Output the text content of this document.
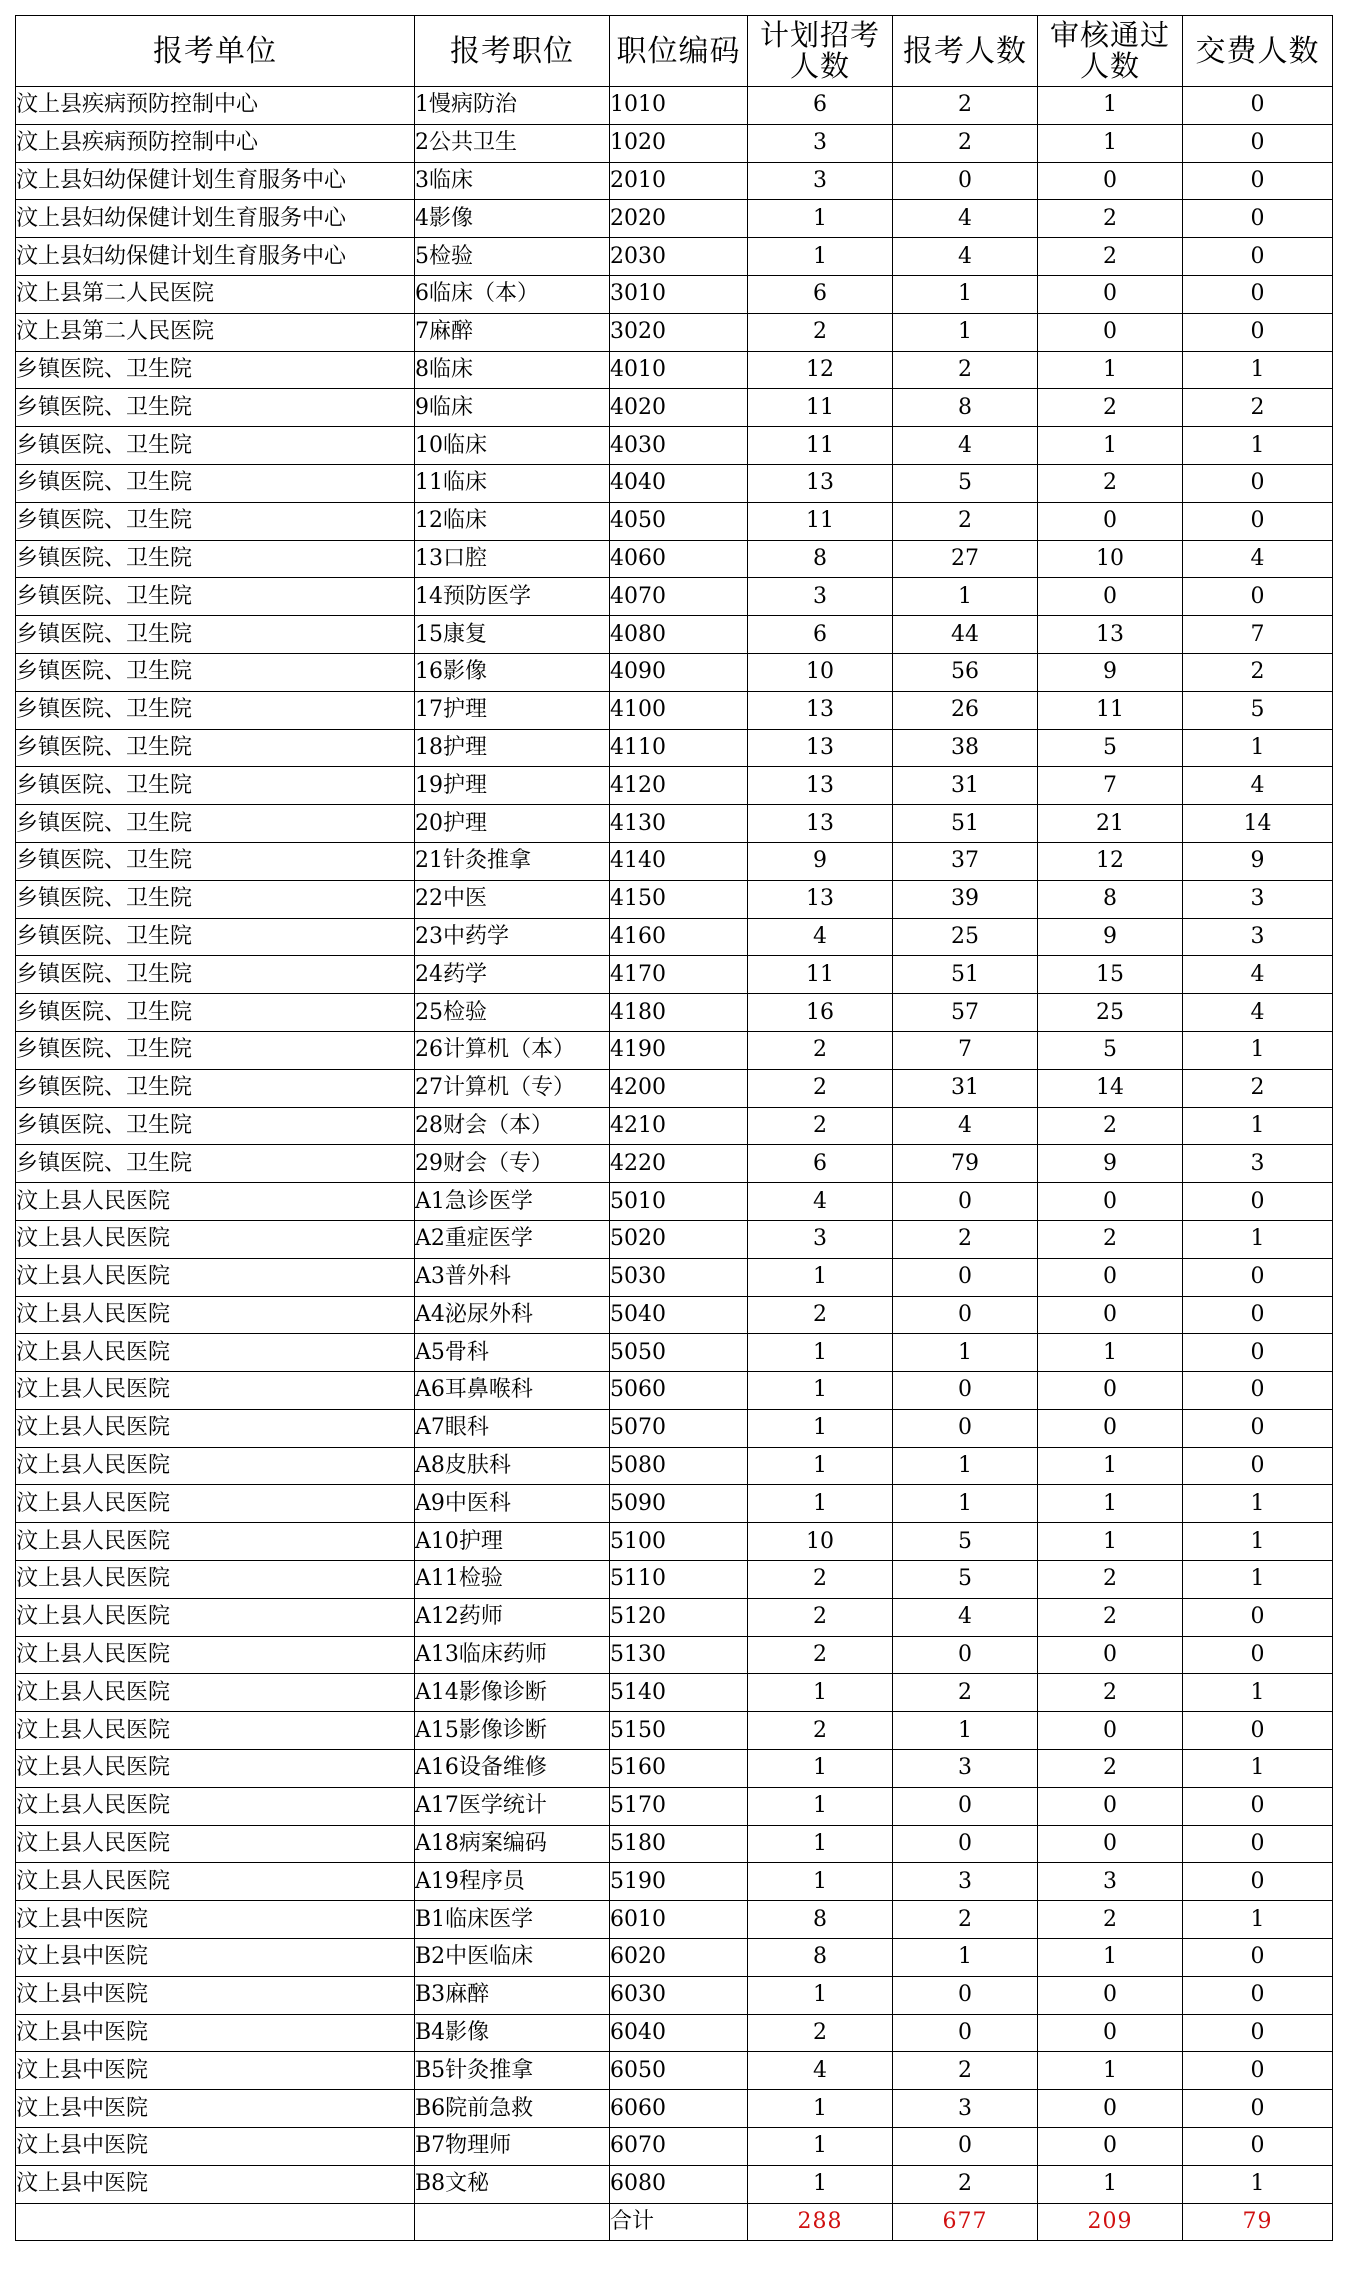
报考单位	报考职位	职位编码	计划招考人数	报考人数	审核通过人数	交费人数
汶上县疾病预防控制中心	1慢病防治	1010	6	2	1	0
汶上县疾病预防控制中心	2公共卫生	1020	3	2	1	0
汶上县妇幼保健计划生育服务中心	3临床	2010	3	0	0	0
汶上县妇幼保健计划生育服务中心	4影像	2020	1	4	2	0
汶上县妇幼保健计划生育服务中心	5检验	2030	1	4	2	0
汶上县第二人民医院	6临床（本）	3010	6	1	0	0
汶上县第二人民医院	7麻醉	3020	2	1	0	0
乡镇医院、卫生院	8临床	4010	12	2	1	1
乡镇医院、卫生院	9临床	4020	11	8	2	2
乡镇医院、卫生院	10临床	4030	11	4	1	1
乡镇医院、卫生院	11临床	4040	13	5	2	0
乡镇医院、卫生院	12临床	4050	11	2	0	0
乡镇医院、卫生院	13口腔	4060	8	27	10	4
乡镇医院、卫生院	14预防医学	4070	3	1	0	0
乡镇医院、卫生院	15康复	4080	6	44	13	7
乡镇医院、卫生院	16影像	4090	10	56	9	2
乡镇医院、卫生院	17护理	4100	13	26	11	5
乡镇医院、卫生院	18护理	4110	13	38	5	1
乡镇医院、卫生院	19护理	4120	13	31	7	4
乡镇医院、卫生院	20护理	4130	13	51	21	14
乡镇医院、卫生院	21针灸推拿	4140	9	37	12	9
乡镇医院、卫生院	22中医	4150	13	39	8	3
乡镇医院、卫生院	23中药学	4160	4	25	9	3
乡镇医院、卫生院	24药学	4170	11	51	15	4
乡镇医院、卫生院	25检验	4180	16	57	25	4
乡镇医院、卫生院	26计算机（本）	4190	2	7	5	1
乡镇医院、卫生院	27计算机（专）	4200	2	31	14	2
乡镇医院、卫生院	28财会（本）	4210	2	4	2	1
乡镇医院、卫生院	29财会（专）	4220	6	79	9	3
汶上县人民医院	A1急诊医学	5010	4	0	0	0
汶上县人民医院	A2重症医学	5020	3	2	2	1
汶上县人民医院	A3普外科	5030	1	0	0	0
汶上县人民医院	A4泌尿外科	5040	2	0	0	0
汶上县人民医院	A5骨科	5050	1	1	1	0
汶上县人民医院	A6耳鼻喉科	5060	1	0	0	0
汶上县人民医院	A7眼科	5070	1	0	0	0
汶上县人民医院	A8皮肤科	5080	1	1	1	0
汶上县人民医院	A9中医科	5090	1	1	1	1
汶上县人民医院	A10护理	5100	10	5	1	1
汶上县人民医院	A11检验	5110	2	5	2	1
汶上县人民医院	A12药师	5120	2	4	2	0
汶上县人民医院	A13临床药师	5130	2	0	0	0
汶上县人民医院	A14影像诊断	5140	1	2	2	1
汶上县人民医院	A15影像诊断	5150	2	1	0	0
汶上县人民医院	A16设备维修	5160	1	3	2	1
汶上县人民医院	A17医学统计	5170	1	0	0	0
汶上县人民医院	A18病案编码	5180	1	0	0	0
汶上县人民医院	A19程序员	5190	1	3	3	0
汶上县中医院	B1临床医学	6010	8	2	2	1
汶上县中医院	B2中医临床	6020	8	1	1	0
汶上县中医院	B3麻醉	6030	1	0	0	0
汶上县中医院	B4影像	6040	2	0	0	0
汶上县中医院	B5针灸推拿	6050	4	2	1	0
汶上县中医院	B6院前急救	6060	1	3	0	0
汶上县中医院	B7物理师	6070	1	0	0	0
汶上县中医院	B8文秘	6080	1	2	1	1
		合计	288	677	209	79
